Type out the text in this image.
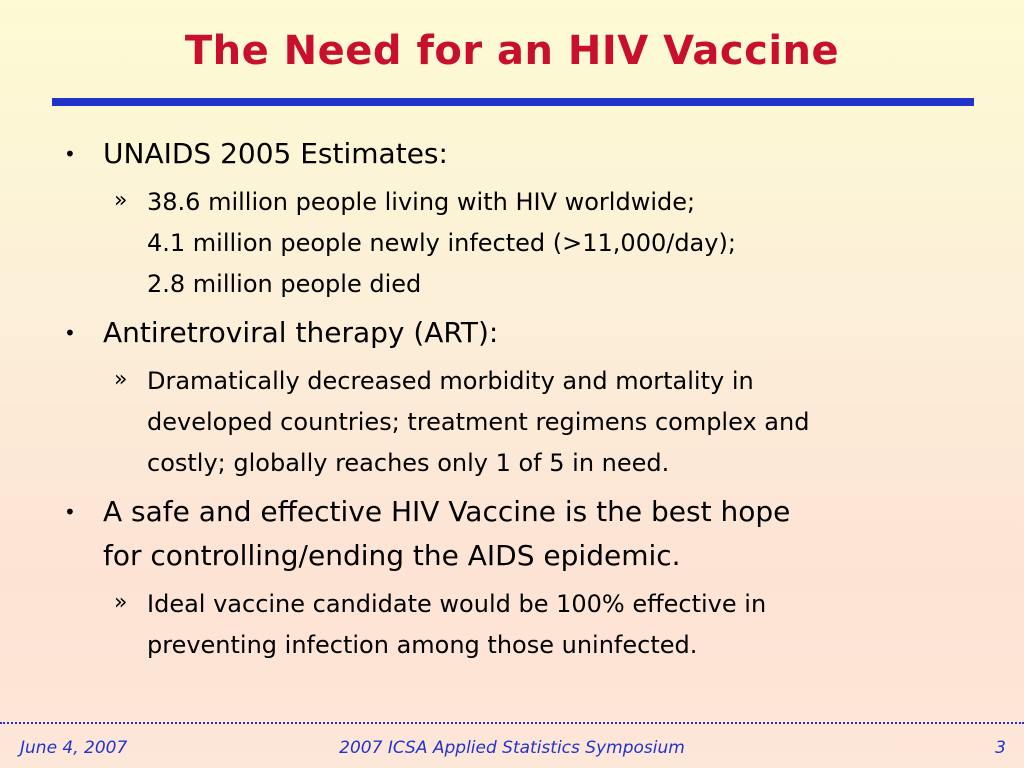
The Need for an HIV Vaccine
• UNAIDS 2005 Estimates:
» 38.6 million people living with HIV worldwide;
4.1 million people newly infected (>11,000/day);
2.8 million people died
• Antiretroviral therapy (ART):
» Dramatically decreased morbidity and mortality in
developed countries; treatment regimens complex and
costly; globally reaches only 1 of 5 in need.
• A safe and effective HIV Vaccine is the best hope
for controlling/ending the AIDS epidemic.
» Ideal vaccine candidate would be 100% effective in
preventing infection among those uninfected.
June 4, 2007	2007 ICSA Applied Statistics Symposium	3
